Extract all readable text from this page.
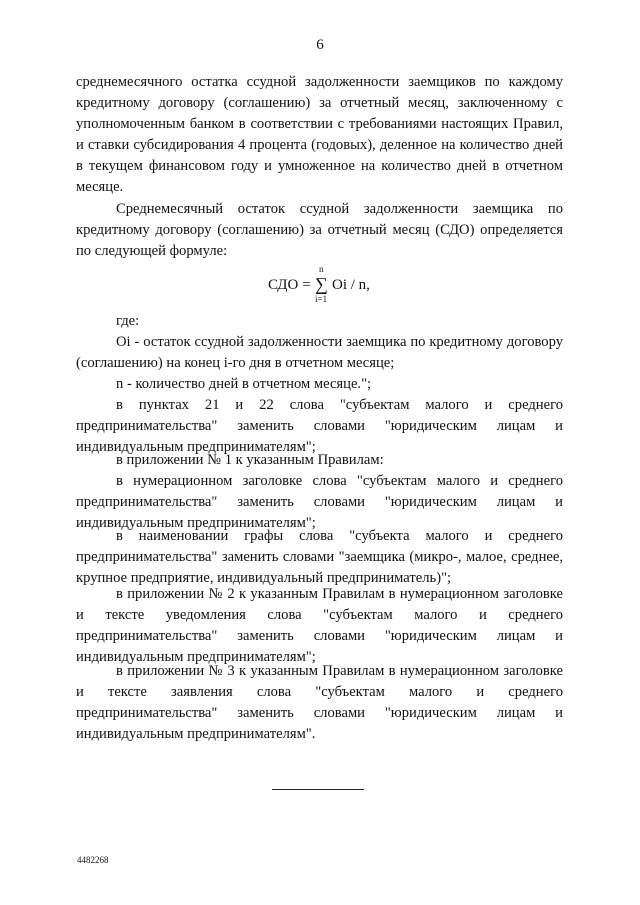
6

среднемесячного остатка ссудной задолженности заемщиков по каждому кредитному договору (соглашению) за отчетный месяц, заключенному с уполномоченным банком в соответствии с требованиями настоящих Правил, и ставки субсидирования 4 процента (годовых), деленное на количество дней в текущем финансовом году и умноженное на количество дней в отчетном месяце.

Среднемесячный остаток ссудной задолженности заемщика по кредитному договору (соглашению) за отчетный месяц (СДО) определяется по следующей формуле:

СДО =
n
∑
i=1
Oi / n,

где:

Oi - остаток ссудной задолженности заемщика по кредитному договору (соглашению) на конец i-го дня в отчетном месяце;

n - количество дней в отчетном месяце.";

в пунктах 21 и 22 слова "субъектам малого и среднего предпринимательства" заменить словами "юридическим лицам и индивидуальным предпринимателям";

в приложении № 1 к указанным Правилам:

в нумерационном заголовке слова "субъектам малого и среднего предпринимательства" заменить словами "юридическим лицам и индивидуальным предпринимателям";

в наименовании графы слова "субъекта малого и среднего предпринимательства" заменить словами "заемщика (микро-, малое, среднее, крупное предприятие, индивидуальный предприниматель)";

в приложении № 2 к указанным Правилам в нумерационном заголовке и тексте уведомления слова "субъектам малого и среднего предпринимательства" заменить словами "юридическим лицам и индивидуальным предпринимателям";

в приложении № 3 к указанным Правилам в нумерационном заголовке и тексте заявления слова "субъектам малого и среднего предпринимательства" заменить словами "юридическим лицам и индивидуальным предпринимателям".

4482268
